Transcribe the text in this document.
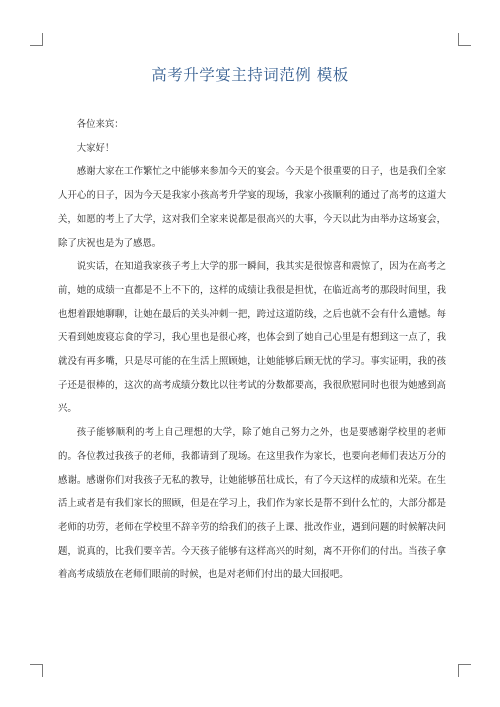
高考升学宴主持词范例 模板

各位来宾：

大家好！

感谢大家在工作繁忙之中能够来参加今天的宴会。今天是个很重要的日子，也是我们全家人开心的日子，因为今天是我家小孩高考升学宴的现场，我家小孩顺利的通过了高考的这道大关，如愿的考上了大学，这对我们全家来说都是很高兴的大事，今天以此为由举办这场宴会，除了庆祝也是为了感恩。

说实话，在知道我家孩子考上大学的那一瞬间，我其实是很惊喜和震惊了，因为在高考之前，她的成绩一直都是不上不下的，这样的成绩让我很是担忧，在临近高考的那段时间里，我也想着跟她聊聊，让她在最后的关头冲刺一把，跨过这道防线，之后也就不会有什么遗憾。每天看到她废寝忘食的学习，我心里也是很心疼，也体会到了她自己心里是有想到这一点了，我就没有再多嘴，只是尽可能的在生活上照顾她，让她能够后顾无忧的学习。事实证明，我的孩子还是很棒的，这次的高考成绩分数比以往考试的分数都要高，我很欣慰同时也很为她感到高兴。

孩子能够顺利的考上自己理想的大学，除了她自己努力之外，也是要感谢学校里的老师的。各位教过我孩子的老师，我都请到了现场。在这里我作为家长，也要向老师们表达万分的感谢。感谢你们对我孩子无私的教导，让她能够茁壮成长，有了今天这样的成绩和光荣。在生活上或者是有我们家长的照顾，但是在学习上，我们作为家长是帮不到什么忙的，大部分都是老师的功劳，老师在学校里不辞辛劳的给我们的孩子上课、批改作业，遇到问题的时候解决问题，说真的，比我们要辛苦。今天孩子能够有这样高兴的时刻，离不开你们的付出。当孩子拿着高考成绩放在老师们眼前的时候，也是对老师们付出的最大回报吧。
